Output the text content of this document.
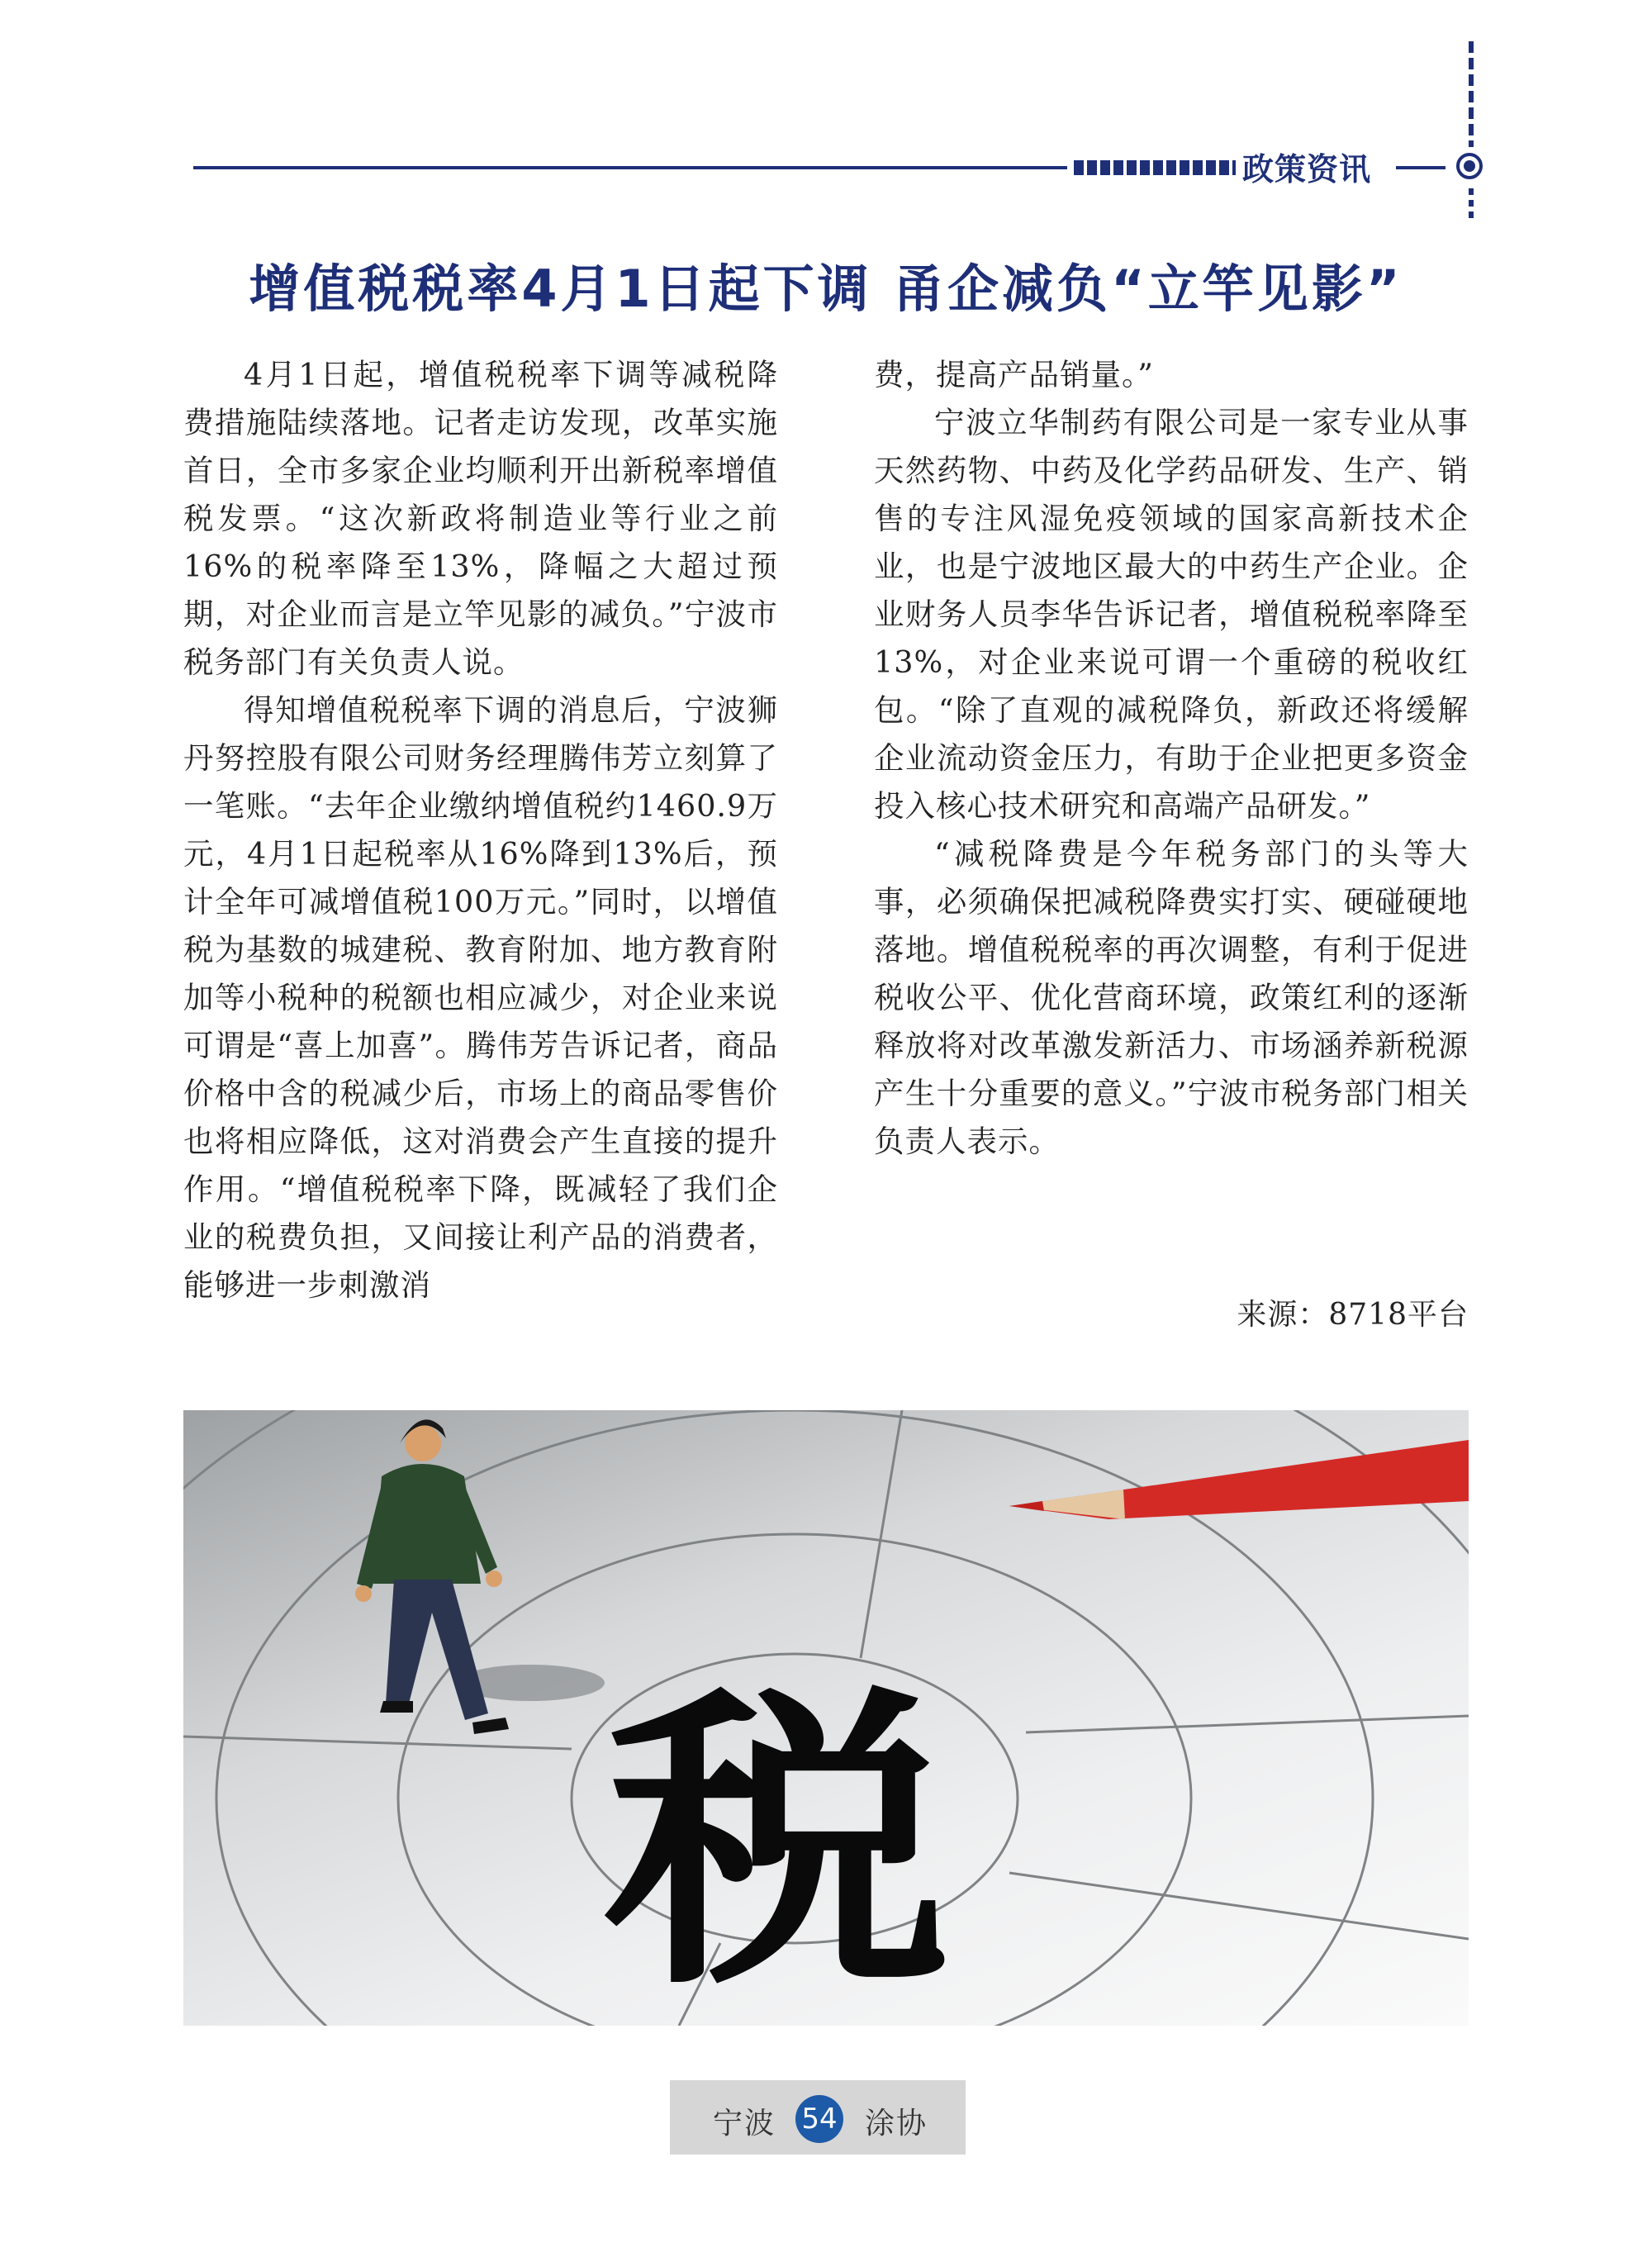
政策资讯
增值税税率4月1日起下调 甬企减负“立竿见影”

4月1日起，增值税税率下调等减税降费措施陆续落地。记者走访发现，改革实施首日，全市多家企业均顺利开出新税率增值税发票。“这次新政将制造业等行业之前16%的税率降至13%，降幅之大超过预期，对企业而言是立竿见影的减负。”宁波市税务部门有关负责人说。

得知增值税税率下调的消息后，宁波狮丹努控股有限公司财务经理腾伟芳立刻算了一笔账。“去年企业缴纳增值税约1460.9万元，4月1日起税率从16%降到13%后，预计全年可减增值税100万元。”同时，以增值税为基数的城建税、教育附加、地方教育附加等小税种的税额也相应减少，对企业来说可谓是“喜上加喜”。腾伟芳告诉记者，商品价格中含的税减少后，市场上的商品零售价也将相应降低，这对消费会产生直接的提升作用。“增值税税率下降，既减轻了我们企业的税费负担，又间接让利产品的消费者，能够进一步刺激消

费，提高产品销量。”

宁波立华制药有限公司是一家专业从事天然药物、中药及化学药品研发、生产、销售的专注风湿免疫领域的国家高新技术企业，也是宁波地区最大的中药生产企业。企业财务人员李华告诉记者，增值税税率降至13%，对企业来说可谓一个重磅的税收红包。“除了直观的减税降负，新政还将缓解企业流动资金压力，有助于企业把更多资金投入核心技术研究和高端产品研发。”

“减税降费是今年税务部门的头等大事，必须确保把减税降费实打实、硬碰硬地落地。增值税税率的再次调整，有利于促进税收公平、优化营商环境，政策红利的逐渐释放将对改革激发新活力、市场涵养新税源产生十分重要的意义。”宁波市税务部门相关负责人表示。

来源：8718平台
税
宁波 54 涂协
